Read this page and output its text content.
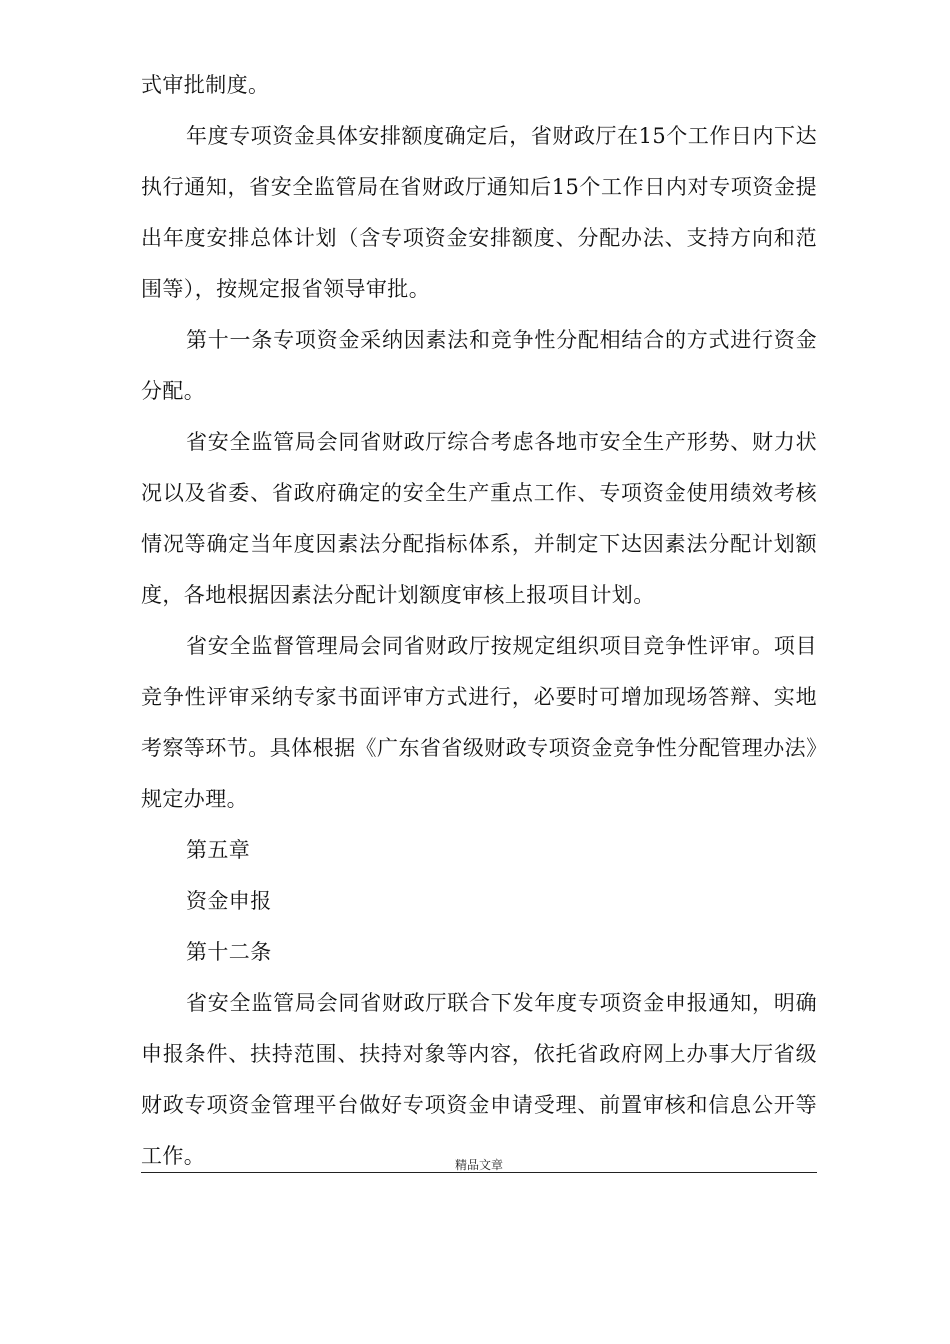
式审批制度。

年度专项资金具体安排额度确定后，省财政厅在15个工作日内下达执行通知，省安全监管局在省财政厅通知后15个工作日内对专项资金提出年度安排总体计划（含专项资金安排额度、分配办法、支持方向和范围等），按规定报省领导审批。

第十一条专项资金采纳因素法和竞争性分配相结合的方式进行资金分配。

省安全监管局会同省财政厅综合考虑各地市安全生产形势、财力状况以及省委、省政府确定的安全生产重点工作、专项资金使用绩效考核情况等确定当年度因素法分配指标体系，并制定下达因素法分配计划额度，各地根据因素法分配计划额度审核上报项目计划。

省安全监督管理局会同省财政厅按规定组织项目竞争性评审。项目竞争性评审采纳专家书面评审方式进行，必要时可增加现场答辩、实地考察等环节。具体根据《广东省省级财政专项资金竞争性分配管理办法》规定办理。

第五章

资金申报

第十二条

省安全监管局会同省财政厅联合下发年度专项资金申报通知，明确申报条件、扶持范围、扶持对象等内容，依托省政府网上办事大厅省级财政专项资金管理平台做好专项资金申请受理、前置审核和信息公开等工作。	精品文章
